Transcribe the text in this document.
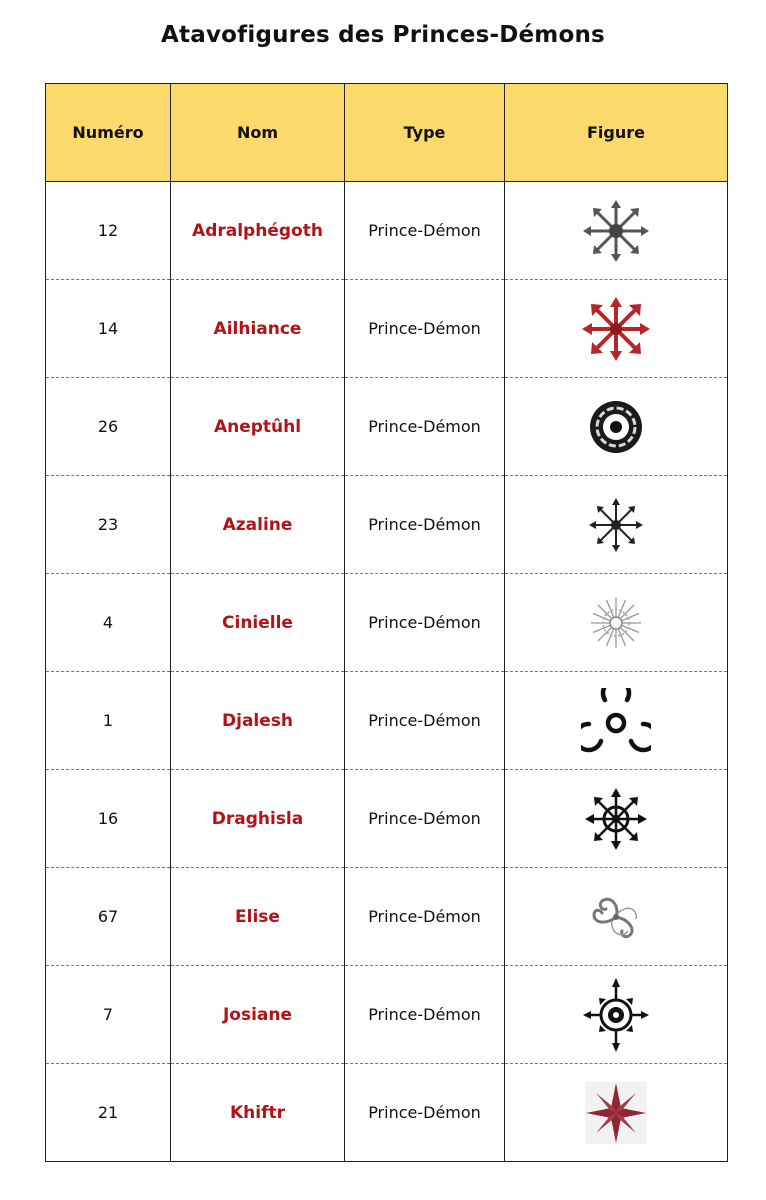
Atavofigures des Princes-Démons
Numéro	Nom	Type	Figure
12	Adralphégoth	Prince-Démon	

14	Ailhiance	Prince-Démon	

26	Aneptûhl	Prince-Démon	

23	Azaline	Prince-Démon	

4	Cinielle	Prince-Démon	

1	Djalesh	Prince-Démon	

16	Draghisla	Prince-Démon	

67	Elise	Prince-Démon	

7	Josiane	Prince-Démon	

21	Khiftr	Prince-Démon	
